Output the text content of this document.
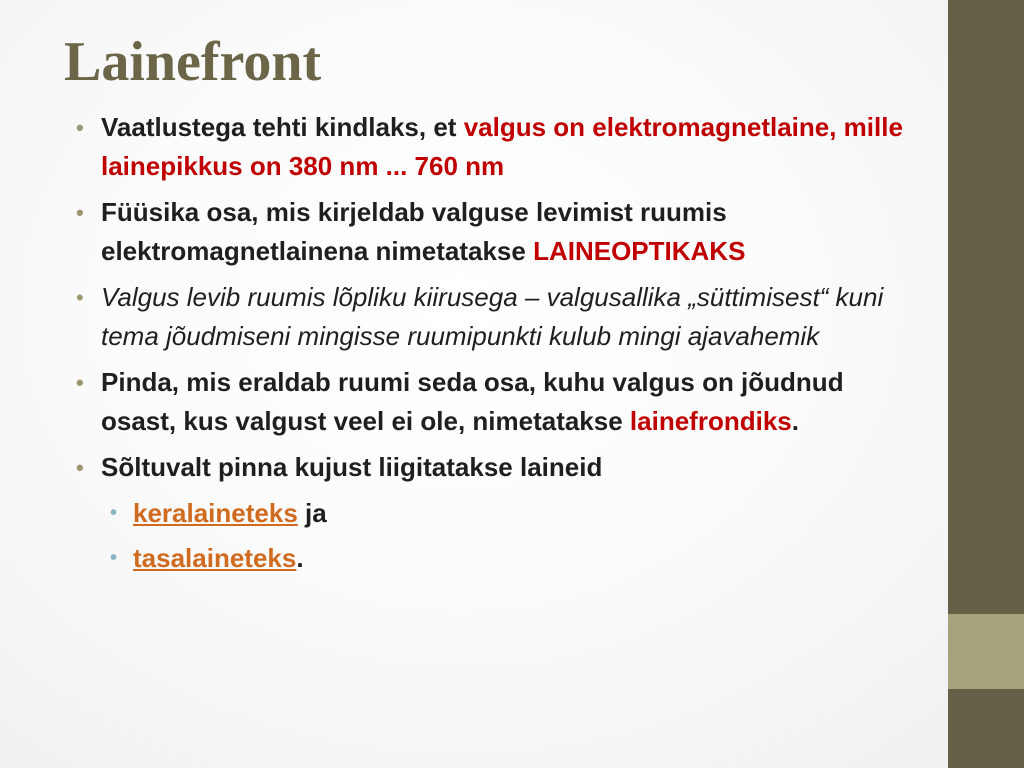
Lainefront
• Vaatlustega tehti kindlaks, et valgus on elektromagnetlaine, mille lainepikkus on 380 nm ... 760 nm
• Füüsika osa, mis kirjeldab valguse levimist ruumis elektromagnetlainena nimetatakse LAINEOPTIKAKS
• Valgus levib ruumis lõpliku kiirusega – valgusallika „süttimisest“ kuni tema jõudmiseni mingisse ruumipunkti kulub mingi ajavahemik
• Pinda, mis eraldab ruumi seda osa, kuhu valgus on jõudnud osast, kus valgust veel ei ole, nimetatakse lainefrondiks.
• Sõltuvalt pinna kujust liigitatakse laineid
• keralaineteks ja
• tasalaineteks.
